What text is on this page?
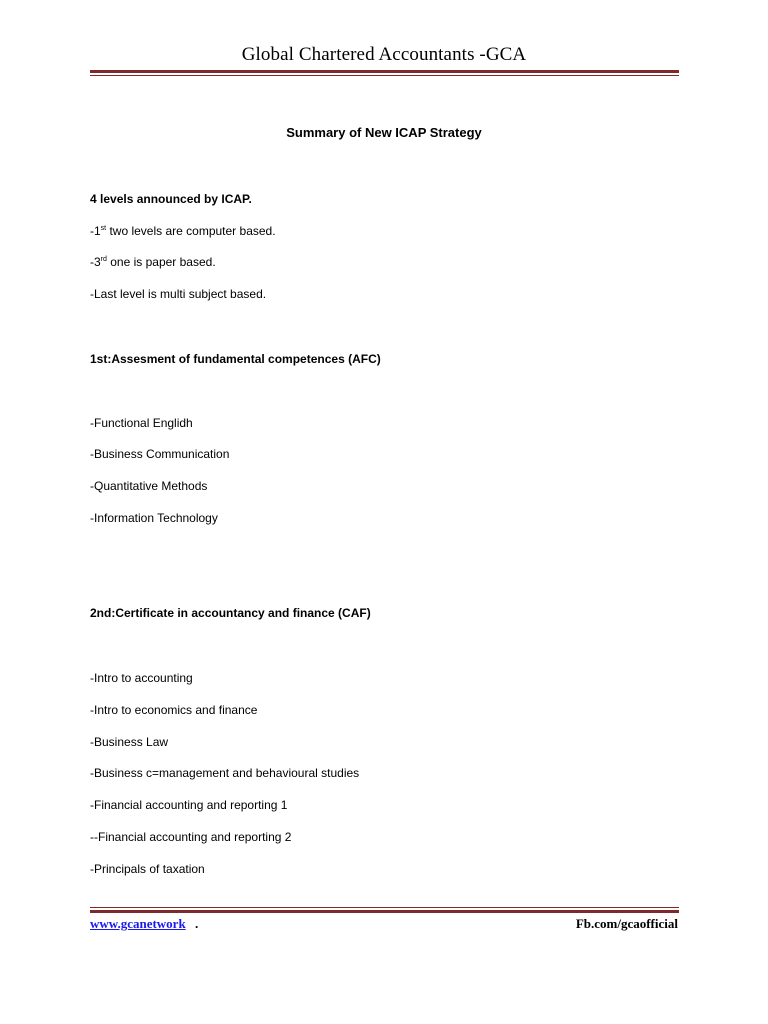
Global Chartered Accountants -GCA
Summary of New ICAP Strategy
4 levels announced by ICAP.
-1st two levels are computer based.
-3rd one is paper based.
-Last level is multi subject based.
1st:Assesment of fundamental competences (AFC)
-Functional Englidh
-Business Communication
-Quantitative Methods
-Information Technology
2nd:Certificate in accountancy and finance (CAF)
-Intro to accounting
-Intro to economics and finance
-Business Law
-Business c=management and behavioural studies
-Financial accounting and reporting 1
--Financial accounting and reporting 2
-Principals of taxation
www.gcanetwork .	Fb.com/gcaofficial
